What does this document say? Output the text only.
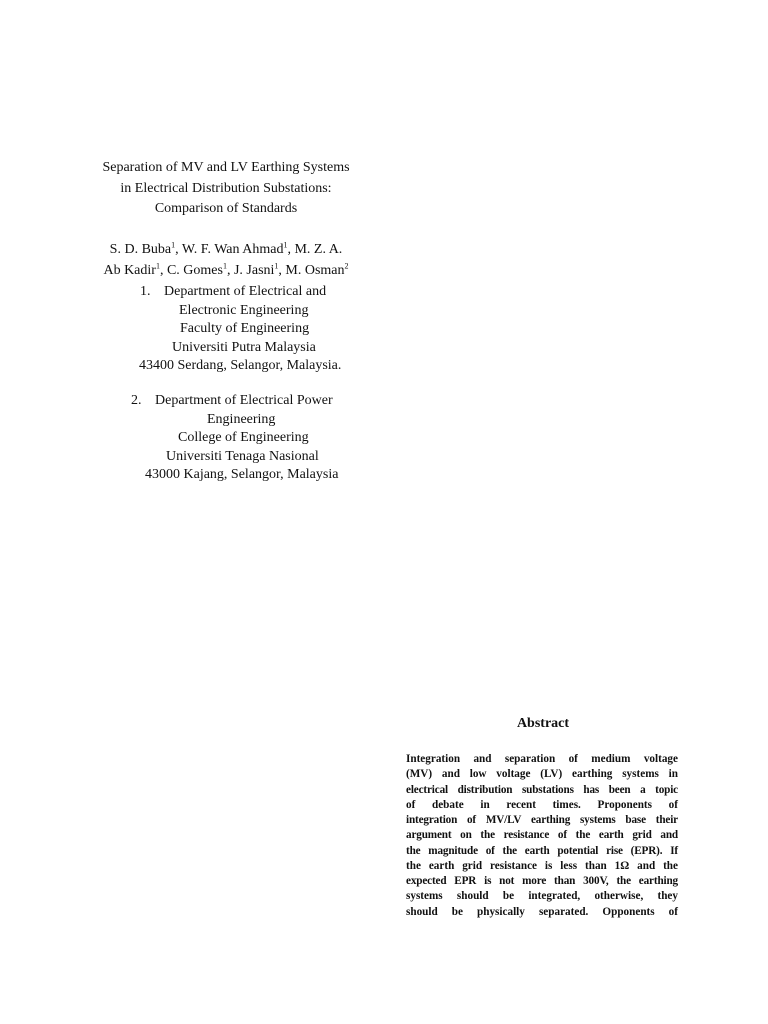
Separation of MV and LV Earthing Systems
in Electrical Distribution Substations:
Comparison of Standards
S. D. Buba$^1$, W. F. Wan Ahmad$^1$, M. Z. A.
Ab Kadir$^1$, C. Gomes$^1$, J. Jasni$^1$, M. Osman$^2$
1. Department of Electrical and
Electronic Engineering
Faculty of Engineering
Universiti Putra Malaysia
43400 Serdang, Selangor, Malaysia.
2. Department of Electrical Power
Engineering
College of Engineering
Universiti Tenaga Nasional
43000 Kajang, Selangor, Malaysia
Abstract
Integration and separation of medium voltage
(MV) and low voltage (LV) earthing systems in
electrical distribution substations has been a topic
of debate in recent times. Proponents of
integration of MV/LV earthing systems base their
argument on the resistance of the earth grid and
the magnitude of the earth potential rise (EPR). If
the earth grid resistance is less than 1Ω and the
expected EPR is not more than 300V, the earthing
systems should be integrated, otherwise, they
should be physically separated. Opponents of
